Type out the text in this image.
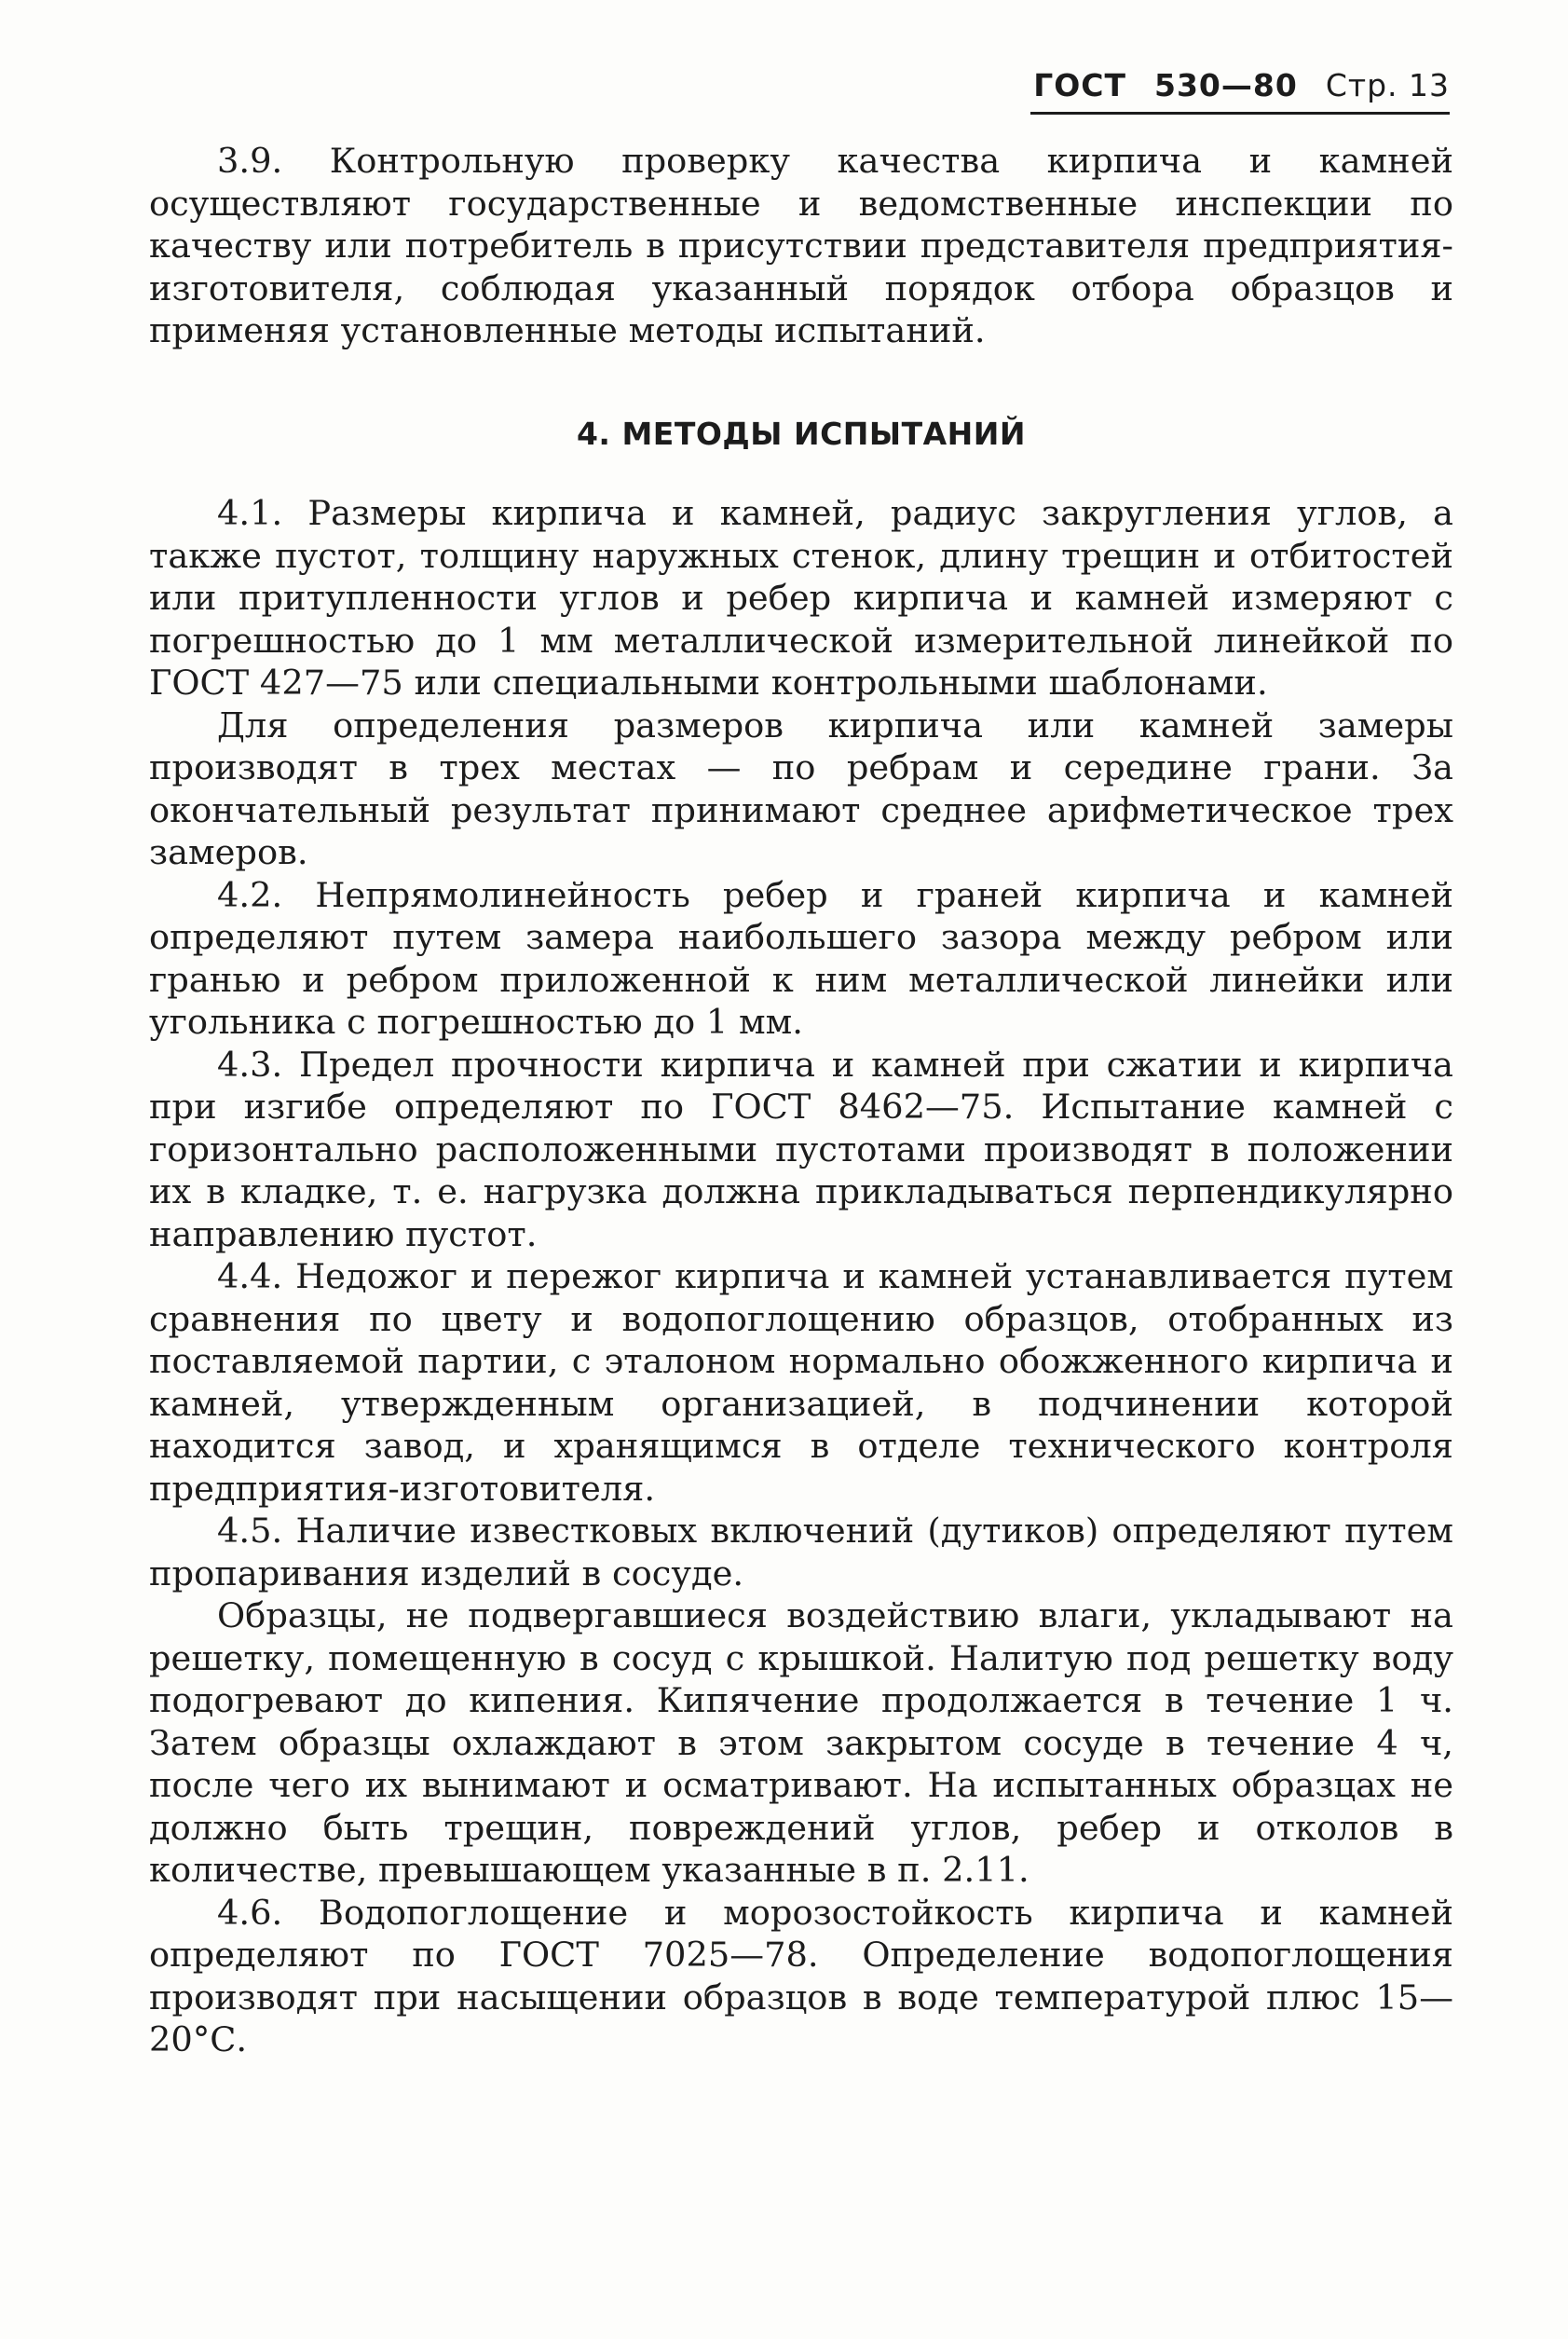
ГОСТ 530—80 Стр. 13

3.9. Контрольную проверку качества кирпича и камней осуществляют государственные и ведомственные инспекции по качеству или потребитель в присутствии представителя предприятия-изготовителя, соблюдая указанный порядок отбора образцов и применяя установленные методы испытаний.

4. МЕТОДЫ ИСПЫТАНИЙ

4.1. Размеры кирпича и камней, радиус закругления углов, а также пустот, толщину наружных стенок, длину трещин и отбитостей или притупленности углов и ребер кирпича и камней измеряют с погрешностью до 1 мм металлической измерительной линейкой по ГОСТ 427—75 или специальными контрольными шаблонами.

Для определения размеров кирпича или камней замеры производят в трех местах — по ребрам и середине грани. За окончательный результат принимают среднее арифметическое трех замеров.

4.2. Непрямолинейность ребер и граней кирпича и камней определяют путем замера наибольшего зазора между ребром или гранью и ребром приложенной к ним металлической линейки или угольника с погрешностью до 1 мм.

4.3. Предел прочности кирпича и камней при сжатии и кирпича при изгибе определяют по ГОСТ 8462—75. Испытание камней с горизонтально расположенными пустотами производят в положении их в кладке, т. е. нагрузка должна прикладываться перпендикулярно направлению пустот.

4.4. Недожог и пережог кирпича и камней устанавливается путем сравнения по цвету и водопоглощению образцов, отобранных из поставляемой партии, с эталоном нормально обожженного кирпича и камней, утвержденным организацией, в подчинении которой находится завод, и хранящимся в отделе технического контроля предприятия-изготовителя.

4.5. Наличие известковых включений (дутиков) определяют путем пропаривания изделий в сосуде.

Образцы, не подвергавшиеся воздействию влаги, укладывают на решетку, помещенную в сосуд с крышкой. Налитую под решетку воду подогревают до кипения. Кипячение продолжается в течение 1 ч. Затем образцы охлаждают в этом закрытом сосуде в течение 4 ч, после чего их вынимают и осматривают. На испытанных образцах не должно быть трещин, повреждений углов, ребер и отколов в количестве, превышающем указанные в п. 2.11.

4.6. Водопоглощение и морозостойкость кирпича и камней определяют по ГОСТ 7025—78. Определение водопоглощения производят при насыщении образцов в воде температурой плюс 15—20°С.
